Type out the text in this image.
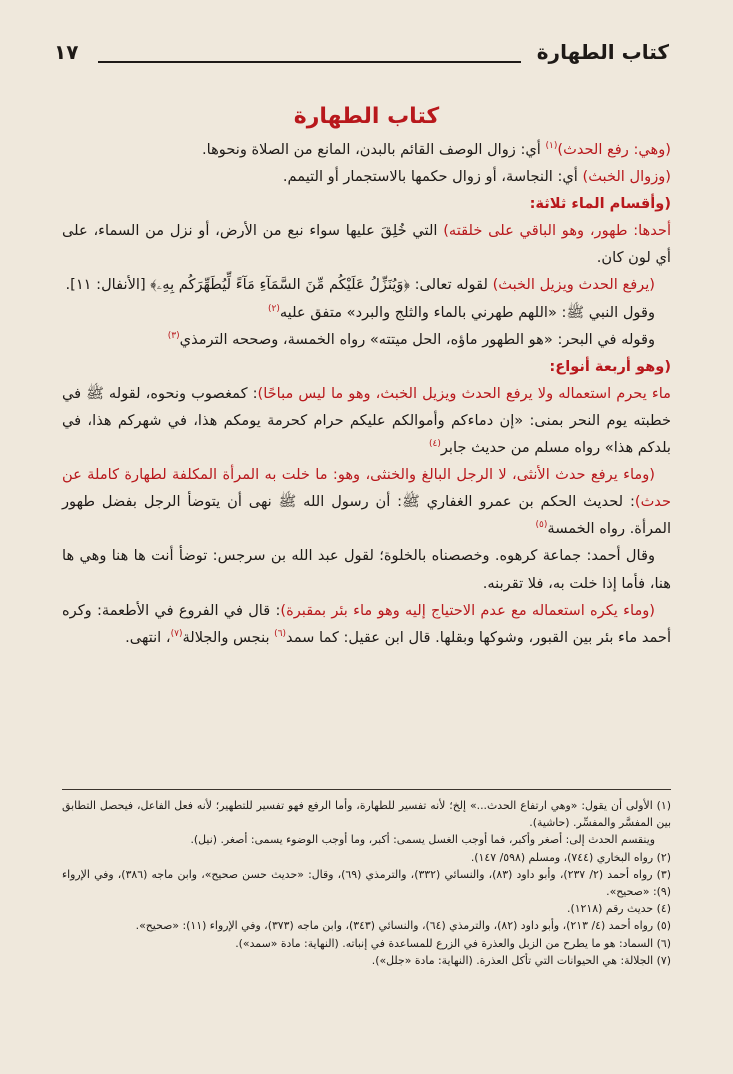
كتاب الطهارة
١٧
كتاب الطهارة

(وهي: رفع الحدث)$^{(١)}$ أي: زوال الوصف القائم بالبدن، المانع من الصلاة ونحوها.

(وزوال الخبث) أي: النجاسة، أو زوال حكمها بالاستجمار أو التيمم.

(وأقسام الماء ثلاثة:

أحدها: طهور، وهو الباقي على خلقته) التي خُلِقَ عليها سواء نبع من الأرض، أو نزل من السماء، على أي لون كان.

(يرفع الحدث ويزيل الخبث) لقوله تعالى: ﴿وَيُنَزِّلُ عَلَيْكُم مِّنَ السَّمَآءِ مَآءً لِّيُطَهِّرَكُم بِهِۦ﴾ [الأنفال: ١١].

وقول النبي ﷺ: «اللهم طهرني بالماء والثلج والبرد» متفق عليه$^{(٢)}$

وقوله في البحر: «هو الطهور ماؤه، الحل ميتته» رواه الخمسة، وصححه الترمذي$^{(٣)}$

(وهو أربعة أنواع:

ماء يحرم استعماله ولا يرفع الحدث ويزيل الخبث، وهو ما ليس مباحًا): كمغصوب ونحوه، لقوله ﷺ في خطبته يوم النحر بمنى: «إن دماءكم وأموالكم عليكم حرام كحرمة يومكم هذا، في شهركم هذا، في بلدكم هذا» رواه مسلم من حديث جابر$^{(٤)}$

(وماء يرفع حدث الأنثى، لا الرجل البالغ والخنثى، وهو: ما خلت به المرأة المكلفة لطهارة كاملة عن حدث): لحديث الحكم بن عمرو الغفاري ﷺ: أن رسول الله ﷺ نهى أن يتوضأ الرجل بفضل طهور المرأة. رواه الخمسة$^{(٥)}$

وقال أحمد: جماعة كرهوه. وخصصناه بالخلوة؛ لقول عبد الله بن سرجس: توضأ أنت ها هنا وهي ها هنا، فأما إذا خلت به، فلا تقربنه.

(وماء يكره استعماله مع عدم الاحتياج إليه وهو ماء بئر بمقبرة): قال في الفروع في الأطعمة: وكره أحمد ماء بئر بين القبور، وشوكها وبقلها. قال ابن عقيل: كما سمد$^{(٦)}$ بنجس والجلالة$^{(٧)}$، انتهى.

(١) الأولى أن يقول: «وهي ارتفاع الحدث...» إلخ؛ لأنه تفسير للطهارة، وأما الرفع فهو تفسير للتطهير؛ لأنه فعل الفاعل، فيحصل التطابق بين المفسَّر والمفسِّر. (حاشية).

وينقسم الحدث إلى: أصغر وأكبر، فما أوجب الغسل يسمى: أكبر، وما أوجب الوضوء يسمى: أصغر. (نيل).

(٢) رواه البخاري (٧٤٤)، ومسلم (٥٩٨/ ١٤٧).

(٣) رواه أحمد (٢/ ٢٣٧)، وأبو داود (٨٣)، والنسائي (٣٣٢)، والترمذي (٦٩)، وقال: «حديث حسن صحيح»، وابن ماجه (٣٨٦)، وفي الإرواء (٩): «صحيح».

(٤) حديث رقم (١٢١٨).

(٥) رواه أحمد (٤/ ٢١٣)، وأبو داود (٨٢)، والترمذي (٦٤)، والنسائي (٣٤٣)، وابن ماجه (٣٧٣)، وفي الإرواء (١١): «صحيح».

(٦) السماد: هو ما يطرح من الزبل والعذرة في الزرع للمساعدة في إنباته. (النهاية: مادة «سمد»).

(٧) الجلالة: هي الحيوانات التي تأكل العذرة. (النهاية: مادة «جلل»).
